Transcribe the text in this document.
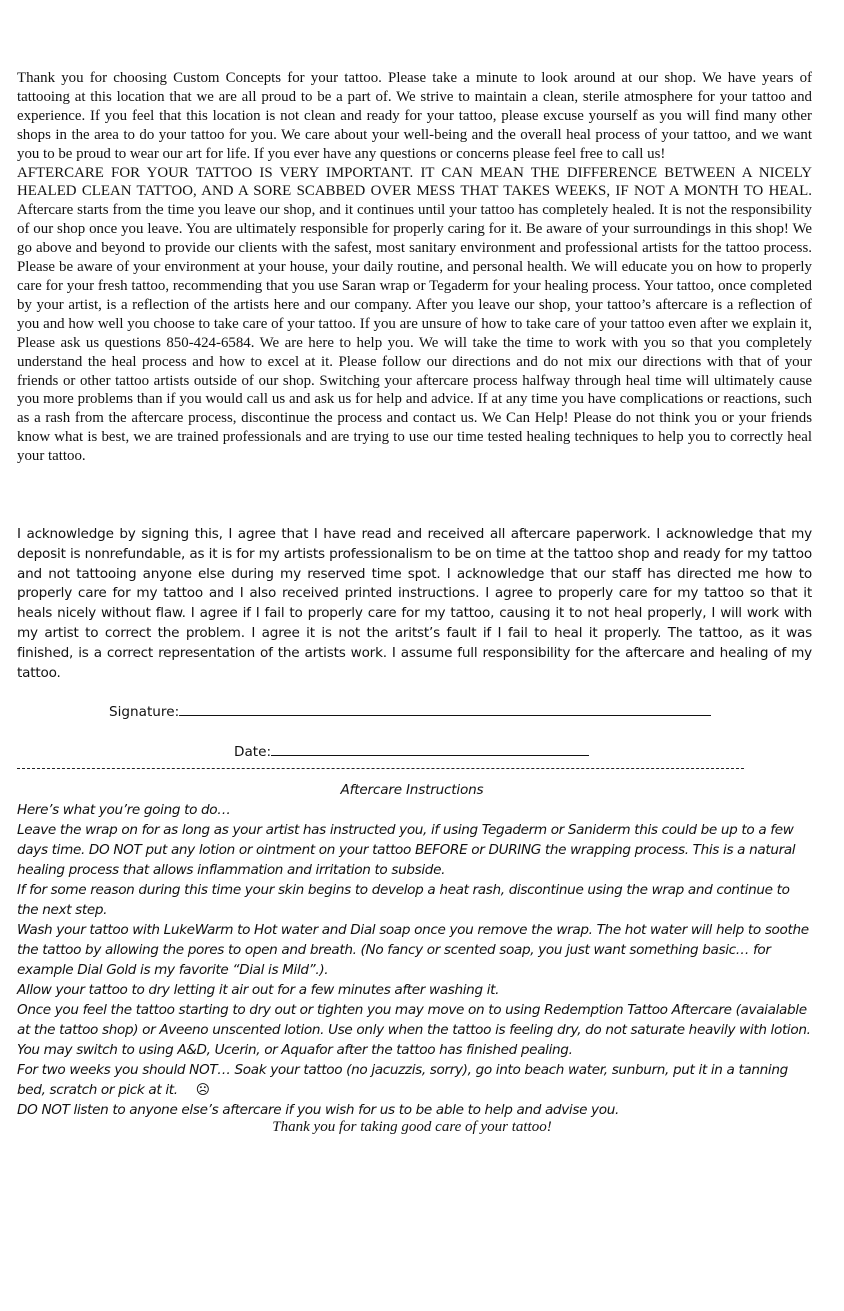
Thank you for choosing Custom Concepts for your tattoo. Please take a minute to look around at our shop. We have years of tattooing at this location that we are all proud to be a part of. We strive to maintain a clean, sterile atmosphere for your tattoo and experience. If you feel that this location is not clean and ready for your tattoo, please excuse yourself as you will find many other shops in the area to do your tattoo for you. We care about your well-being and the overall heal process of your tattoo, and we want you to be proud to wear our art for life. If you ever have any questions or concerns please feel free to call us!
AFTERCARE FOR YOUR TATTOO IS VERY IMPORTANT. IT CAN MEAN THE DIFFERENCE BETWEEN A NICELY HEALED CLEAN TATTOO, AND A SORE SCABBED OVER MESS THAT TAKES WEEKS, IF NOT A MONTH TO HEAL. Aftercare starts from the time you leave our shop, and it continues until your tattoo has completely healed. It is not the responsibility of our shop once you leave. You are ultimately responsible for properly caring for it. Be aware of your surroundings in this shop! We go above and beyond to provide our clients with the safest, most sanitary environment and professional artists for the tattoo process. Please be aware of your environment at your house, your daily routine, and personal health. We will educate you on how to properly care for your fresh tattoo, recommending that you use Saran wrap or Tegaderm for your healing process. Your tattoo, once completed by your artist, is a reflection of the artists here and our company. After you leave our shop, your tattoo’s aftercare is a reflection of you and how well you choose to take care of your tattoo. If you are unsure of how to take care of your tattoo even after we explain it, Please ask us questions 850-424-6584. We are here to help you. We will take the time to work with you so that you completely understand the heal process and how to excel at it. Please follow our directions and do not mix our directions with that of your friends or other tattoo artists outside of our shop. Switching your aftercare process halfway through heal time will ultimately cause you more problems than if you would call us and ask us for help and advice. If at any time you have complications or reactions, such as a rash from the aftercare process, discontinue the process and contact us. We Can Help! Please do not think you or your friends know what is best, we are trained professionals and are trying to use our time tested healing techniques to help you to correctly heal your tattoo.
I acknowledge by signing this, I agree that I have read and received all aftercare paperwork. I acknowledge that my deposit is nonrefundable, as it is for my artists professionalism to be on time at the tattoo shop and ready for my tattoo and not tattooing anyone else during my reserved time spot. I acknowledge that our staff has directed me how to properly care for my tattoo and I also received printed instructions. I agree to properly care for my tattoo so that it heals nicely without flaw. I agree if I fail to properly care for my tattoo, causing it to not heal properly, I will work with my artist to correct the problem. I agree it is not the aritst’s fault if I fail to heal it properly. The tattoo, as it was finished, is a correct representation of the artists work. I assume full responsibility for the aftercare and healing of my tattoo.
Signature:
Date:
Aftercare Instructions

Here’s what you’re going to do…

Leave the wrap on for as long as your artist has instructed you, if using Tegaderm or Saniderm this could be up to a few days time. DO NOT put any lotion or ointment on your tattoo BEFORE or DURING the wrapping process. This is a natural healing process that allows inflammation and irritation to subside.

If for some reason during this time your skin begins to develop a heat rash, discontinue using the wrap and continue to the next step.

Wash your tattoo with LukeWarm to Hot water and Dial soap once you remove the wrap. The hot water will help to soothe the tattoo by allowing the pores to open and breath. (No fancy or scented soap, you just want something basic… for example Dial Gold is my favorite “Dial is Mild”.).

Allow your tattoo to dry letting it air out for a few minutes after washing it.

Once you feel the tattoo starting to dry out or tighten you may move on to using Redemption Tattoo Aftercare (avaialable at the tattoo shop) or Aveeno unscented lotion. Use only when the tattoo is feeling dry, do not saturate heavily with lotion. You may switch to using A&D, Ucerin, or Aquafor after the tattoo has finished pealing.

For two weeks you should NOT… Soak your tattoo (no jacuzzis, sorry), go into beach water, sunburn, put it in a tanning bed, scratch or pick at it. ☹

DO NOT listen to anyone else’s aftercare if you wish for us to be able to help and advise you.

Thank you for taking good care of your tattoo!
